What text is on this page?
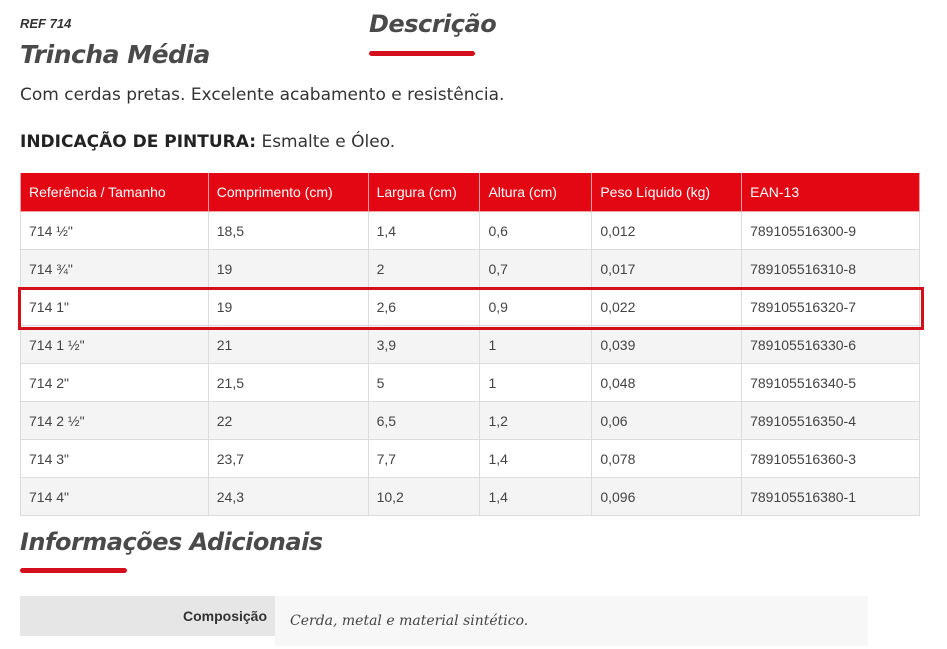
REF 714
Trincha Média
Descrição
Com cerdas pretas. Excelente acabamento e resistência.
INDICAÇÃO DE PINTURA: Esmalte e Óleo.
Referência / Tamanho	Comprimento (cm)	Largura (cm)	Altura (cm)	Peso Líquido (kg)	EAN-13
714 ½"	18,5	1,4	0,6	0,012	789105516300-9
714 ¾"	19	2	0,7	0,017	789105516310-8
714 1"	19	2,6	0,9	0,022	789105516320-7
714 1 ½"	21	3,9	1	0,039	789105516330-6
714 2"	21,5	5	1	0,048	789105516340-5
714 2 ½"	22	6,5	1,2	0,06	789105516350-4
714 3"	23,7	7,7	1,4	0,078	789105516360-3
714 4"	24,3	10,2	1,4	0,096	789105516380-1
Informações Adicionais
Composição	Cerda, metal e material sintético.
